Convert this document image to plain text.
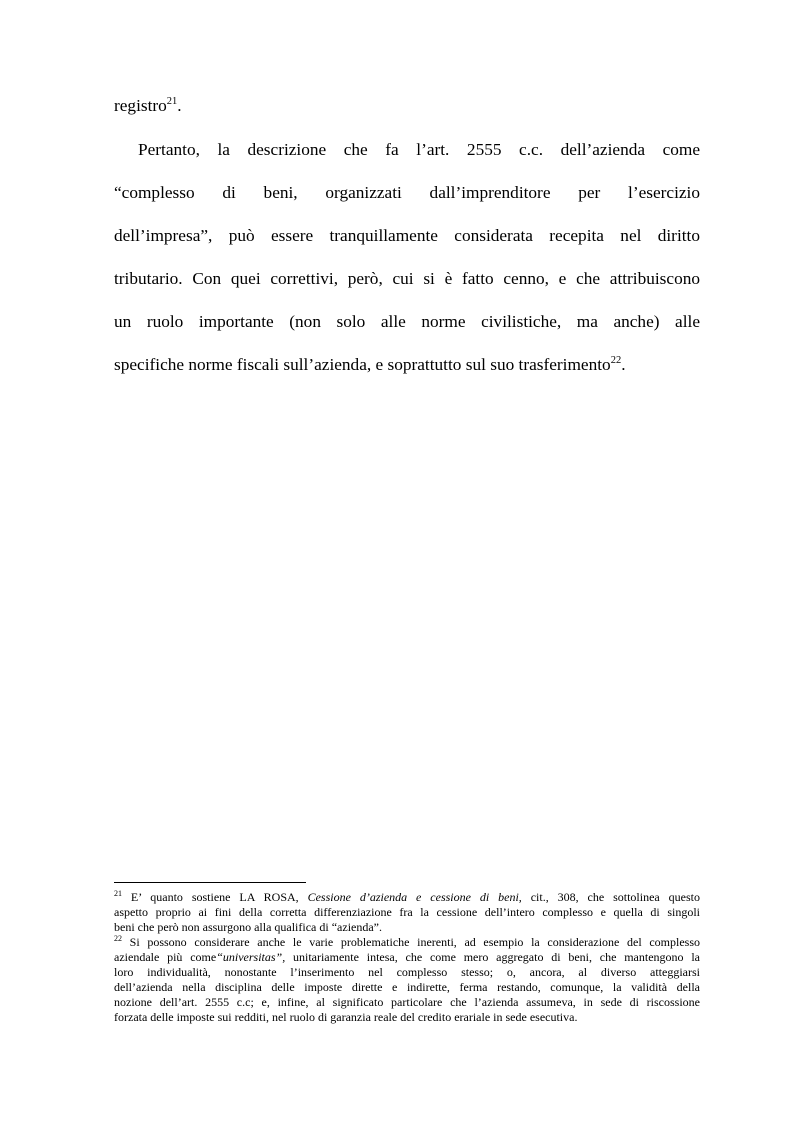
registro$^{21}$.
Pertanto, la descrizione che fa l’art. 2555 c.c. dell’azienda come
“complesso di beni, organizzati dall’imprenditore per l’esercizio
dell’impresa”, può essere tranquillamente considerata recepita nel diritto
tributario. Con quei correttivi, però, cui si è fatto cenno, e che attribuiscono
un ruolo importante (non solo alle norme civilistiche, ma anche) alle
specifiche norme fiscali sull’azienda, e soprattutto sul suo trasferimento$^{22}$.
$^{21}$ E’ quanto sostiene LA ROSA, Cessione d’azienda e cessione di beni, cit., 308, che sottolinea questo
aspetto proprio ai fini della corretta differenziazione fra la cessione dell’intero complesso e quella di singoli
beni che però non assurgono alla qualifica di “azienda”.
$^{22}$ Si possono considerare anche le varie problematiche inerenti, ad esempio la considerazione del complesso
aziendale più come“universitas”, unitariamente intesa, che come mero aggregato di beni, che mantengono la
loro individualità, nonostante l’inserimento nel complesso stesso; o, ancora, al diverso atteggiarsi
dell’azienda nella disciplina delle imposte dirette e indirette, ferma restando, comunque, la validità della
nozione dell’art. 2555 c.c; e, infine, al significato particolare che l’azienda assumeva, in sede di riscossione
forzata delle imposte sui redditi, nel ruolo di garanzia reale del credito erariale in sede esecutiva.
